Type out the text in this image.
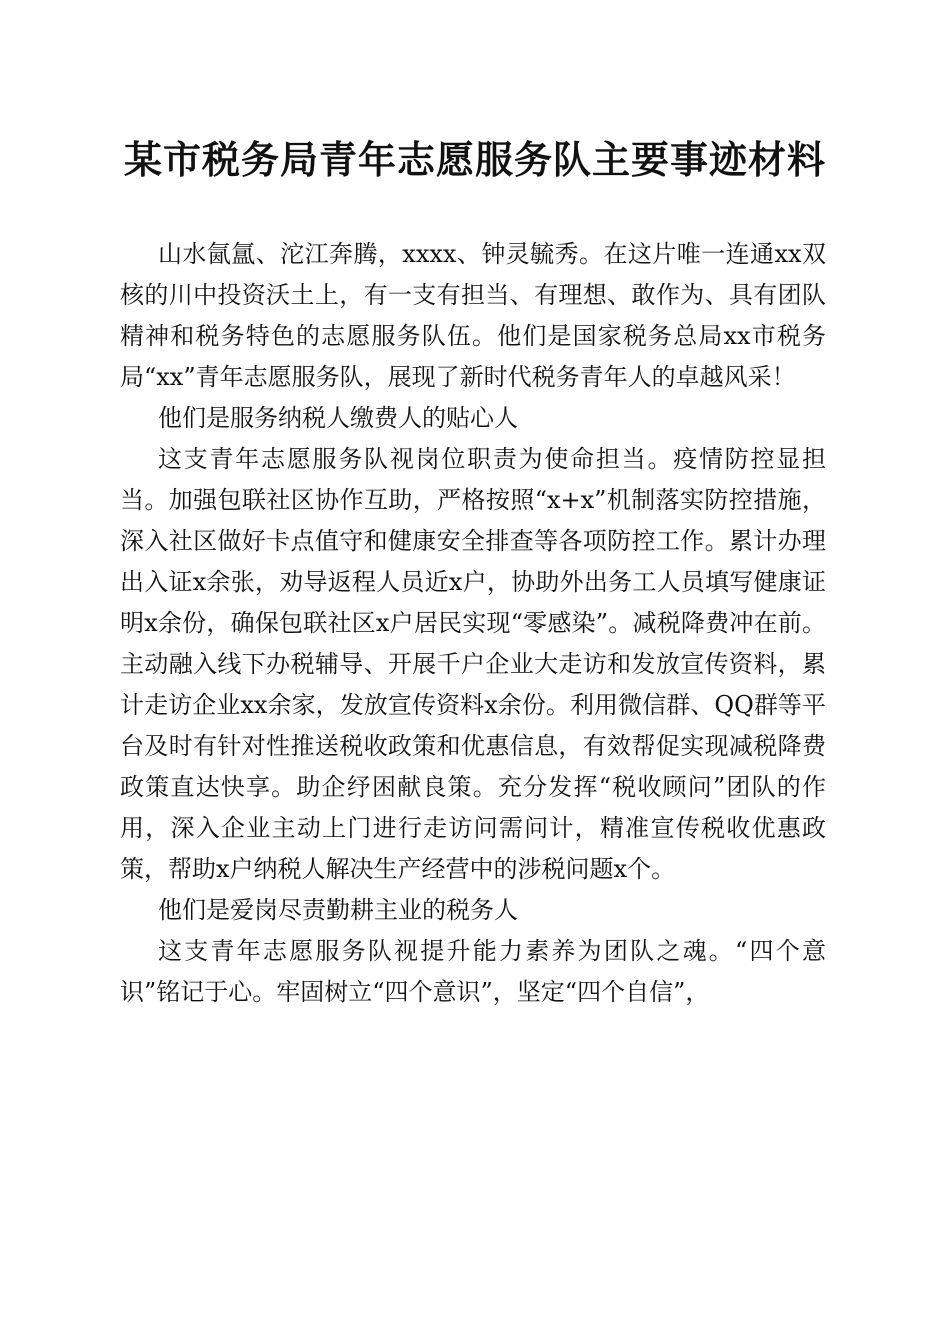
某市税务局青年志愿服务队主要事迹材料

山水氤氲、沱江奔腾，xxxx、钟灵毓秀。在这片唯一连通xx双核的川中投资沃土上，有一支有担当、有理想、敢作为、具有团队精神和税务特色的志愿服务队伍。他们是国家税务总局xx市税务局“xx”青年志愿服务队，展现了新时代税务青年人的卓越风采！

他们是服务纳税人缴费人的贴心人

这支青年志愿服务队视岗位职责为使命担当。疫情防控显担当。加强包联社区协作互助，严格按照“x+x”机制落实防控措施，深入社区做好卡点值守和健康安全排查等各项防控工作。累计办理出入证x余张，劝导返程人员近x户，协助外出务工人员填写健康证明x余份，确保包联社区x户居民实现“零感染”。减税降费冲在前。主动融入线下办税辅导、开展千户企业大走访和发放宣传资料，累计走访企业xx余家，发放宣传资料x余份。利用微信群、QQ群等平台及时有针对性推送税收政策和优惠信息，有效帮促实现减税降费政策直达快享。助企纾困献良策。充分发挥“税收顾问”团队的作用，深入企业主动上门进行走访问需问计，精准宣传税收优惠政策，帮助x户纳税人解决生产经营中的涉税问题x个。

他们是爱岗尽责勤耕主业的税务人

这支青年志愿服务队视提升能力素养为团队之魂。“四个意识”铭记于心。牢固树立“四个意识”，坚定“四个自信”，
